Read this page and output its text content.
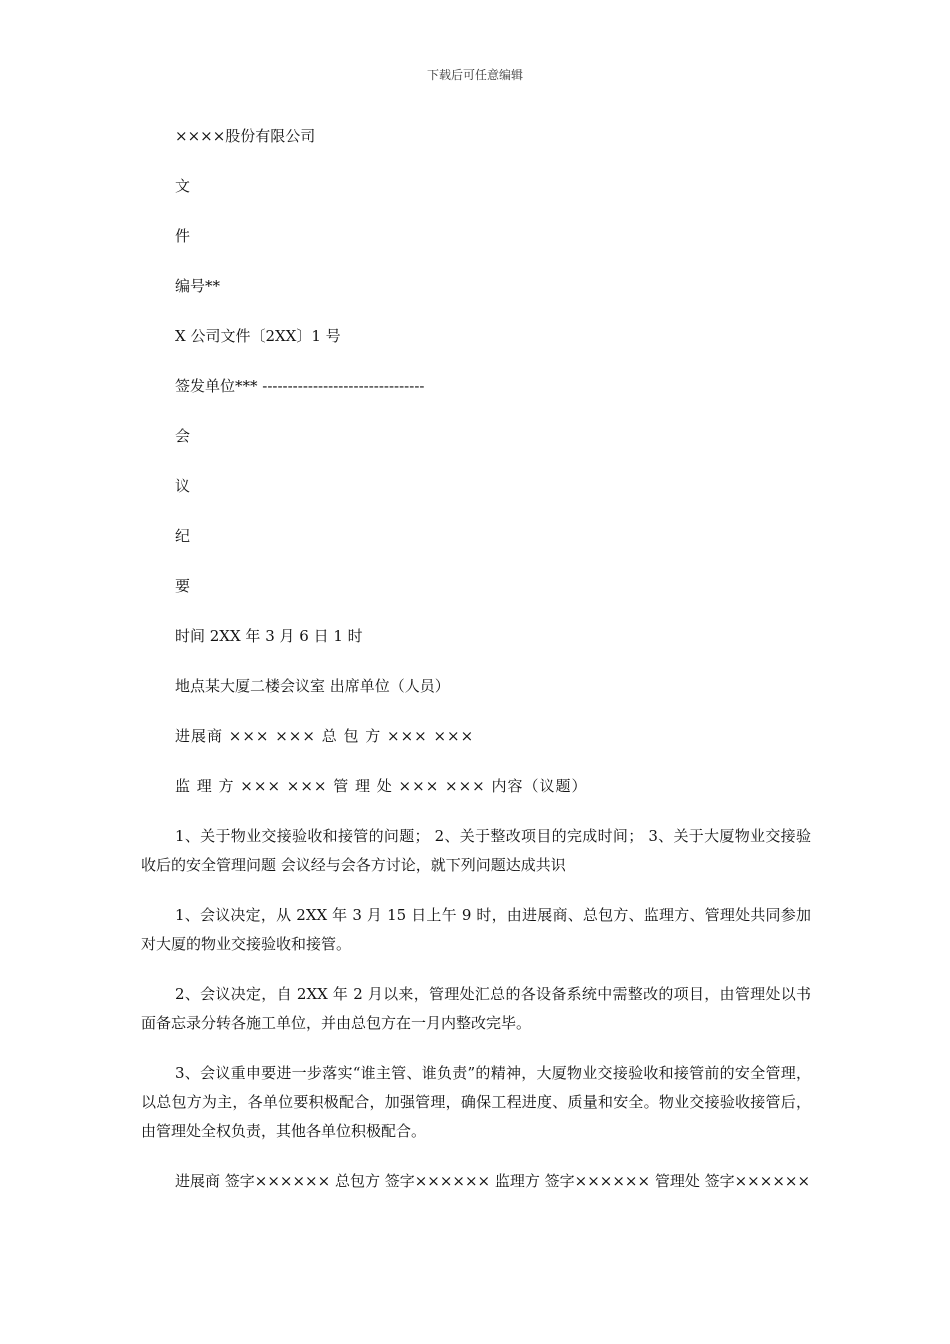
下载后可任意编辑
××××股份有限公司
文
件
编号**
X 公司文件〔2XX〕1 号
签发单位*** --------------------------------
会
议
纪
要
时间 2XX 年 3 月 6 日 1 时
地点某大厦二楼会议室 出席单位（人员）
进展商 ××× ××× 总 包 方 ××× ×××
监 理 方 ××× ××× 管 理 处 ××× ××× 内容（议题）

1、关于物业交接验收和接管的问题； 2、关于整改项目的完成时间； 3、关于大厦物业交接验收后的安全管理问题 会议经与会各方讨论，就下列问题达成共识

1、会议决定，从 2XX 年 3 月 15 日上午 9 时，由进展商、总包方、监理方、管理处共同参加对大厦的物业交接验收和接管。

2、会议决定，自 2XX 年 2 月以来，管理处汇总的各设备系统中需整改的项目，由管理处以书面备忘录分转各施工单位，并由总包方在一月内整改完毕。

3、会议重申要进一步落实“谁主管、谁负责”的精神，大厦物业交接验收和接管前的安全管理，以总包方为主，各单位要积极配合，加强管理，确保工程进度、质量和安全。物业交接验收接管后，由管理处全权负责，其他各单位积极配合。

进展商 签字×××××× 总包方 签字×××××× 监理方 签字×××××× 管理处 签字××××××
